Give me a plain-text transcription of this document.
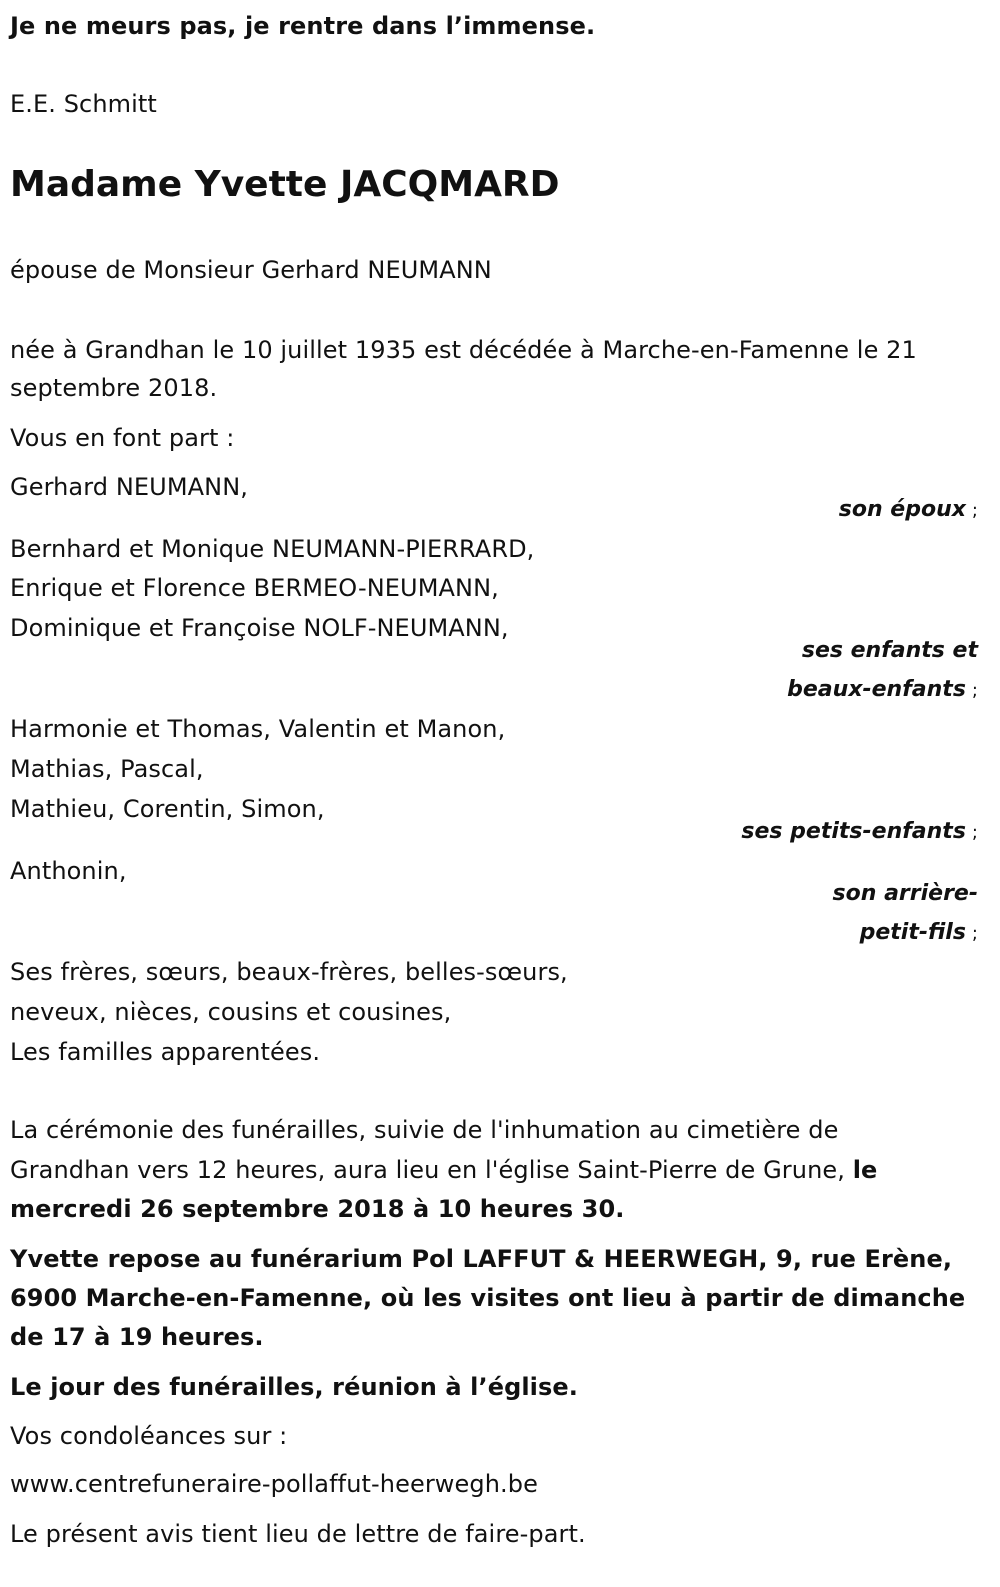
Je ne meurs pas, je rentre dans l’immense.
E.E. Schmitt
Madame Yvette JACQMARD
épouse de Monsieur Gerhard NEUMANN
née à Grandhan le 10 juillet 1935 est décédée à Marche-en-Famenne le 21
septembre 2018.
Vous en font part :
Gerhard NEUMANN,
son époux ;
Bernhard et Monique NEUMANN-PIERRARD,
Enrique et Florence BERMEO-NEUMANN,
Dominique et Françoise NOLF-NEUMANN,
ses enfants et
beaux-enfants ;
Harmonie et Thomas, Valentin et Manon,
Mathias, Pascal,
Mathieu, Corentin, Simon,
ses petits-enfants ;
Anthonin,
son arrière-
petit-fils ;
Ses frères, sœurs, beaux-frères, belles-sœurs,
neveux, nièces, cousins et cousines,
Les familles apparentées.
La cérémonie des funérailles, suivie de l'inhumation au cimetière de
Grandhan vers 12 heures, aura lieu en l'église Saint-Pierre de Grune, le
mercredi 26 septembre 2018 à 10 heures 30.
Yvette repose au funérarium Pol LAFFUT & HEERWEGH, 9, rue Erène,
6900 Marche-en-Famenne, où les visites ont lieu à partir de dimanche
de 17 à 19 heures.
Le jour des funérailles, réunion à l’église.
Vos condoléances sur :
www.centrefuneraire-pollaffut-heerwegh.be
Le présent avis tient lieu de lettre de faire-part.
